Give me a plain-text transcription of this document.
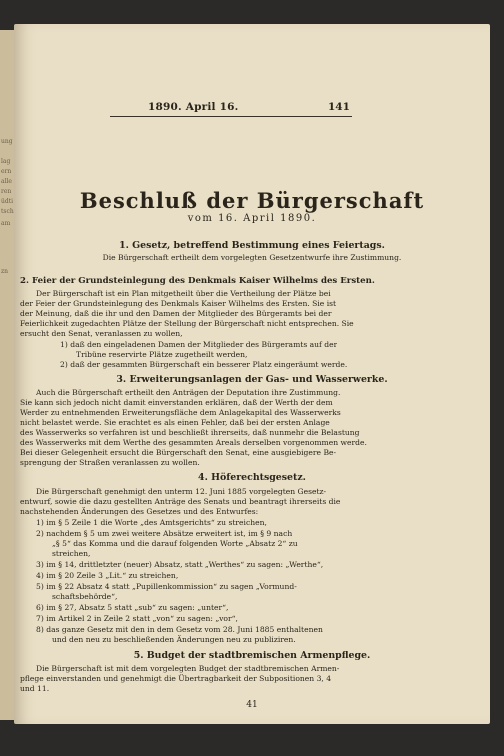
ung
lag
ern
alle
ren
üdti
tsch
am
zn
1890. April 16.	141
Beschluß der Bürgerschaft
vom 16. April 1890.
1. Gesetz, betreffend Bestimmung eines Feiertags.
Die Bürgerschaft ertheilt dem vorgelegten Gesetzentwurfe ihre Zustimmung.
2. Feier der Grundsteinlegung des Denkmals Kaiser Wilhelms des Ersten.
Der Bürgerschaft ist ein Plan mitgetheilt über die Vertheilung der Plätze bei
der Feier der Grundsteinlegung des Denkmals Kaiser Wilhelms des Ersten. Sie ist
der Meinung, daß die ihr und den Damen der Mitglieder des Bürgeramts bei der
Feierlichkeit zugedachten Plätze der Stellung der Bürgerschaft nicht entsprechen. Sie
ersucht den Senat, veranlassen zu wollen,
1) daß den eingeladenen Damen der Mitglieder des Bürgeramts auf der
Tribüne reservirte Plätze zugetheilt werden,
2) daß der gesammten Bürgerschaft ein besserer Platz eingeräumt werde.
3. Erweiterungsanlagen der Gas- und Wasserwerke.
Auch die Bürgerschaft ertheilt den Anträgen der Deputation ihre Zustimmung.
Sie kann sich jedoch nicht damit einverstanden erklären, daß der Werth der dem
Werder zu entnehmenden Erweiterungsfläche dem Anlagekapital des Wasserwerks
nicht belastet werde. Sie erachtet es als einen Fehler, daß bei der ersten Anlage
des Wasserwerks so verfahren ist und beschließt ihrerseits, daß nunmehr die Belastung
des Wasserwerks mit dem Werthe des gesammten Areals derselben vorgenommen werde.
Bei dieser Gelegenheit ersucht die Bürgerschaft den Senat, eine ausgiebigere Be-
sprengung der Straßen veranlassen zu wollen.
4. Höferechtsgesetz.
Die Bürgerschaft genehmigt den unterm 12. Juni 1885 vorgelegten Gesetz-
entwurf, sowie die dazu gestellten Anträge des Senats und beantragt ihrerseits die
nachstehenden Änderungen des Gesetzes und des Entwurfes:
1) im § 5 Zeile 1 die Worte „des Amtsgerichts“ zu streichen,
2) nachdem § 5 um zwei weitere Absätze erweitert ist, im § 9 nach
„§ 5“ das Komma und die darauf folgenden Worte „Absatz 2“ zu
streichen,
3) im § 14, drittletzter (neuer) Absatz, statt „Werthes“ zu sagen: „Werthe“,
4) im § 20 Zeile 3 „Lit.“ zu streichen,
5) im § 22 Absatz 4 statt „Pupillenkommission“ zu sagen „Vormund-
schaftsbehörde“,
6) im § 27, Absatz 5 statt „sub“ zu sagen: „unter“,
7) im Artikel 2 in Zeile 2 statt „von“ zu sagen: „vor“,
8) das ganze Gesetz mit den in dem Gesetz vom 28. Juni 1885 enthaltenen
und den neu zu beschließenden Änderungen neu zu publiziren.
5. Budget der stadtbremischen Armenpflege.
Die Bürgerschaft ist mit dem vorgelegten Budget der stadtbremischen Armen-
pflege einverstanden und genehmigt die Übertragbarkeit der Subpositionen 3, 4
und 11.
41
